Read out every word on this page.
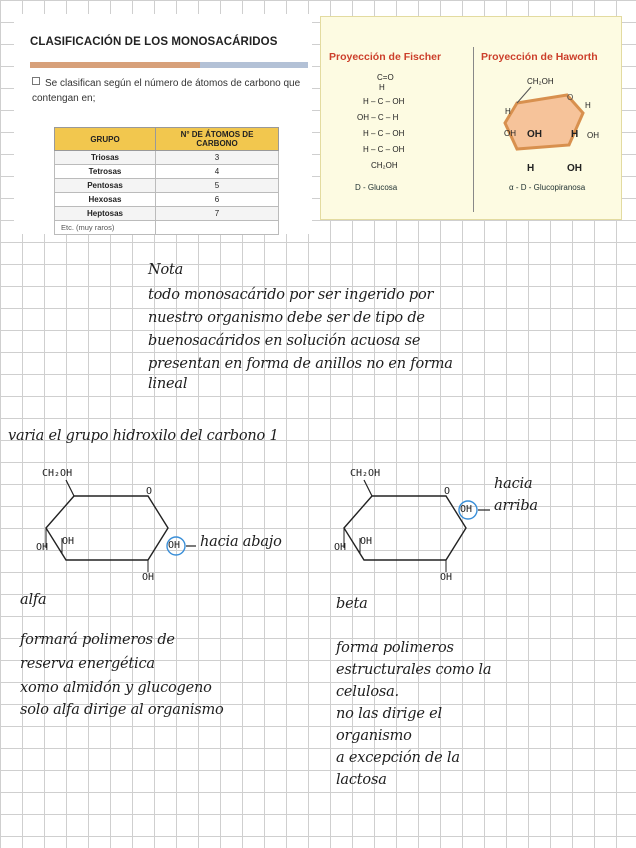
CLASIFICACIÓN DE LOS MONOSACÁRIDOS
Se clasifican según el número de átomos de carbono que contengan en;
GRUPO	N° DE ÁTOMOS DE CARBONO
Triosas	3
Tetrosas	4
Pentosas	5
Hexosas	6
Heptosas	7
Etc. (muy raros)	
Proyección de Fischer	Proyección de Haworth
C=O
H
H – C – OH
OH – C – H
H – C – OH
H – C – OH
CH₂OH
D - Glucosa
CH₂OH
O
H
H
OH OH	H OH
H	OH
α - D - Glucopiranosa
Nota
todo monosacárido por ser ingerido por
nuestro organismo debe ser de tipo de
buenosacáridos en solución acuosa se
presentan en forma de anillos no en forma
lineal
varia el grupo hidroxilo del carbono 1
CH₂OH
O
OH
OH
OH
OH hacia abajo
alfa
formará polimeros de
reserva energética
xomo almidón y glucogeno
solo alfa dirige al organismo
CH₂OH
O
OH
OH
OH
OH
hacia
arriba
beta
forma polimeros
estructurales como la
celulosa.
no las dirige el
organismo
a excepción de la
lactosa
